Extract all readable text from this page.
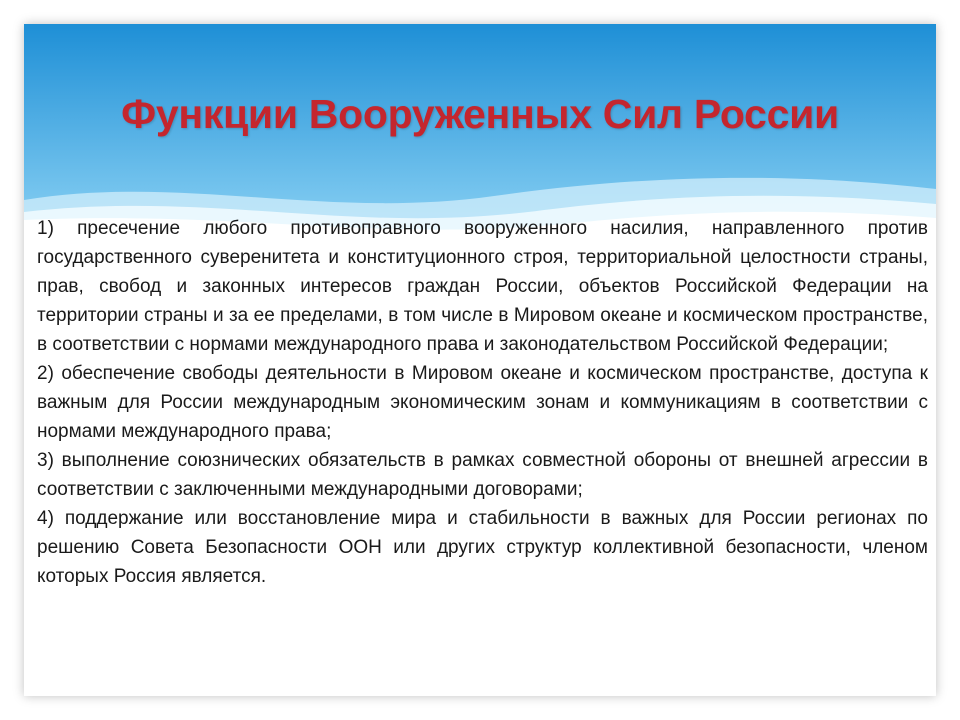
Функции Вооруженных Сил России

1) пресечение любого противоправного вооруженного насилия, направленного против государственного суверенитета и конституционного строя, территориальной целостности страны, прав, свобод и законных интересов граждан России, объектов Российской Федерации на территории страны и за ее пределами, в том числе в Мировом океане и космическом пространстве, в соответствии с нормами международного права и законодательством Российской Федерации;

2) обеспечение свободы деятельности в Мировом океане и космическом пространстве, доступа к важным для России международным экономическим зонам и коммуникациям в соответствии с нормами международного права;

3) выполнение союзнических обязательств в рамках совместной обороны от внешней агрессии в соответствии с заключенными международными договорами;

4) поддержание или восстановление мира и стабильности в важных для России регионах по решению Совета Безопасности ООН или других структур коллективной безопасности, членом которых Россия является.
